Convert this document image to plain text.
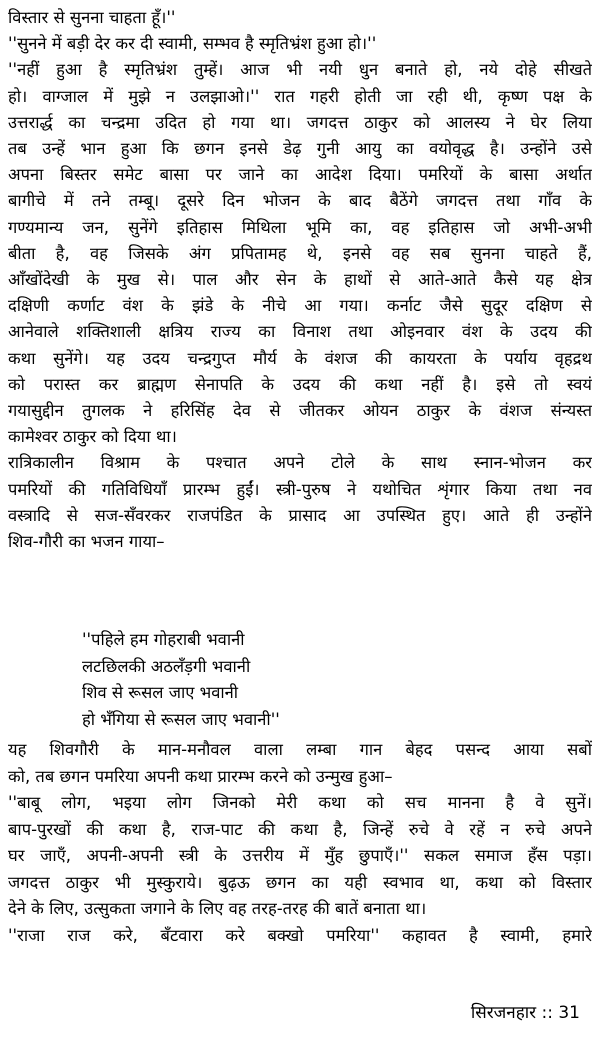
विस्तार से सुनना चाहता हूँ।''
''सुनने में बड़ी देर कर दी स्वामी, सम्भव है स्मृतिभ्रंश हुआ हो।''
''नहीं हुआ है स्मृतिभ्रंश तुम्हें। आज भी नयी धुन बनाते हो, नये दोहे सीखते
हो। वाग्जाल में मुझे न उलझाओ।'' रात गहरी होती जा रही थी, कृष्ण पक्ष के
उत्तरार्द्ध का चन्द्रमा उदित हो गया था। जगदत्त ठाकुर को आलस्य ने घेर लिया
तब उन्हें भान हुआ कि छगन इनसे डेढ़ गुनी आयु का वयोवृद्ध है। उन्होंने उसे
अपना बिस्तर समेट बासा पर जाने का आदेश दिया। पमरियों के बासा अर्थात
बागीचे में तने तम्बू। दूसरे दिन भोजन के बाद बैठेंगे जगदत्त तथा गाँव के
गण्यमान्य जन, सुनेंगे इतिहास मिथिला भूमि का, वह इतिहास जो अभी-अभी
बीता है, वह जिसके अंग प्रपितामह थे, इनसे वह सब सुनना चाहते हैं,
आँखोंदेखी के मुख से। पाल और सेन के हाथों से आते-आते कैसे यह क्षेत्र
दक्षिणी कर्णाट वंश के झंडे के नीचे आ गया। कर्नाट जैसे सुदूर दक्षिण से
आनेवाले शक्तिशाली क्षत्रिय राज्य का विनाश तथा ओइनवार वंश के उदय की
कथा सुनेंगे। यह उदय चन्द्रगुप्त मौर्य के वंशज की कायरता के पर्याय वृहद्रथ
को परास्त कर ब्राह्मण सेनापति के उदय की कथा नहीं है। इसे तो स्वयं
गयासुद्दीन तुगलक ने हरिसिंह देव से जीतकर ओयन ठाकुर के वंशज संन्यस्त
कामेश्वर ठाकुर को दिया था।
रात्रिकालीन विश्राम के पश्चात अपने टोले के साथ स्नान-भोजन कर
पमरियों की गतिविधियाँ प्रारम्भ हुईं। स्त्री-पुरुष ने यथोचित शृंगार किया तथा नव
वस्त्रादि से सज-सँवरकर राजपंडित के प्रासाद आ उपस्थित हुए। आते ही उन्होंने
शिव-गौरी का भजन गाया–
''पहिले हम गोहराबी भवानी
लटछिलकी अठलँड़गी भवानी
शिव से रूसल जाए भवानी
हो भँगिया से रूसल जाए भवानी''
यह शिवगौरी के मान-मनौवल वाला लम्बा गान बेहद पसन्द आया सबों
को, तब छगन पमरिया अपनी कथा प्रारम्भ करने को उन्मुख हुआ–
''बाबू लोग, भइया लोग जिनको मेरी कथा को सच मानना है वे सुनें।
बाप-पुरखों की कथा है, राज-पाट की कथा है, जिन्हें रुचे वे रहें न रुचे अपने
घर जाएँ, अपनी-अपनी स्त्री के उत्तरीय में मुँह छुपाएँ।'' सकल समाज हँस पड़ा।
जगदत्त ठाकुर भी मुस्कुराये। बुढ़ऊ छगन का यही स्वभाव था, कथा को विस्तार
देने के लिए, उत्सुकता जगाने के लिए वह तरह-तरह की बातें बनाता था।
''राजा राज करे, बँटवारा करे बक्खो पमरिया'' कहावत है स्वामी, हमारे
सिरजनहार :: 31
